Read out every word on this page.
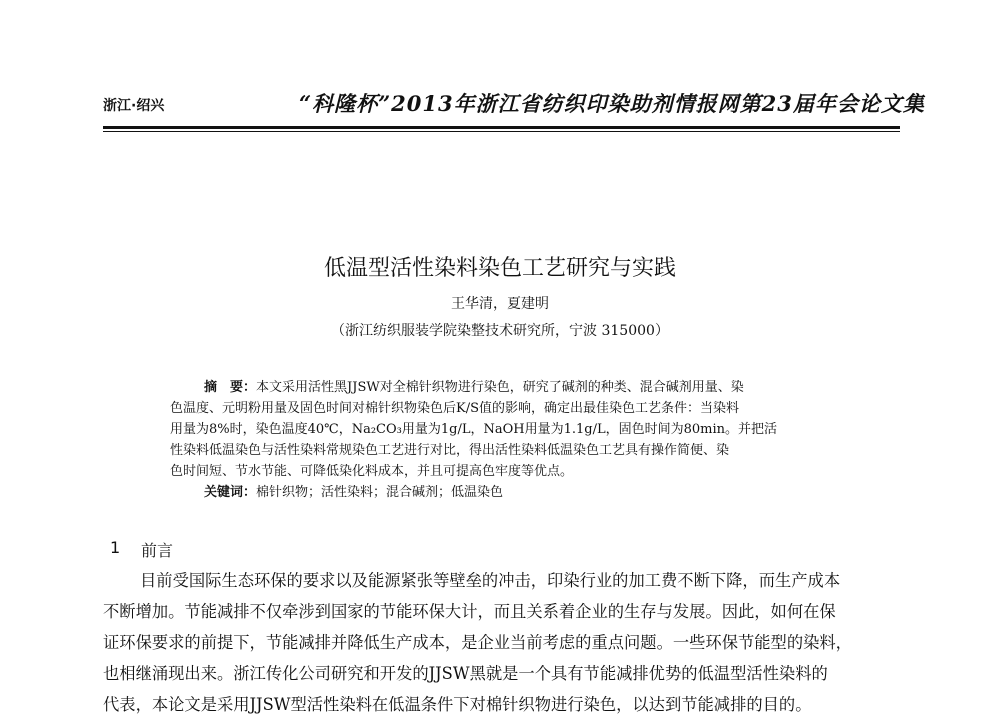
浙江·绍兴	“科隆杯”2013年浙江省纺织印染助剂情报网第23届年会论文集
低温型活性染料染色工艺研究与实践
王华清，夏建明
（浙江纺织服装学院染整技术研究所，宁波 315000）
摘　要：本文采用活性黑JJSW对全棉针织物进行染色，研究了碱剂的种类、混合碱剂用量、染
色温度、元明粉用量及固色时间对棉针织物染色后K/S值的影响，确定出最佳染色工艺条件：当染料
用量为8%时，染色温度40℃，Na₂CO₃用量为1g/L，NaOH用量为1.1g/L，固色时间为80min。并把活
性染料低温染色与活性染料常规染色工艺进行对比，得出活性染料低温染色工艺具有操作简便、染
色时间短、节水节能、可降低染化料成本，并且可提高色牢度等优点。
关键词：棉针织物；活性染料；混合碱剂；低温染色
1 前言
目前受国际生态环保的要求以及能源紧张等壁垒的冲击，印染行业的加工费不断下降，而生产成本
不断增加。节能减排不仅牵涉到国家的节能环保大计，而且关系着企业的生存与发展。因此，如何在保
证环保要求的前提下，节能减排并降低生产成本，是企业当前考虑的重点问题。一些环保节能型的染料，
也相继涌现出来。浙江传化公司研究和开发的JJSW黑就是一个具有节能减排优势的低温型活性染料的
代表，本论文是采用JJSW型活性染料在低温条件下对棉针织物进行染色，以达到节能减排的目的。
